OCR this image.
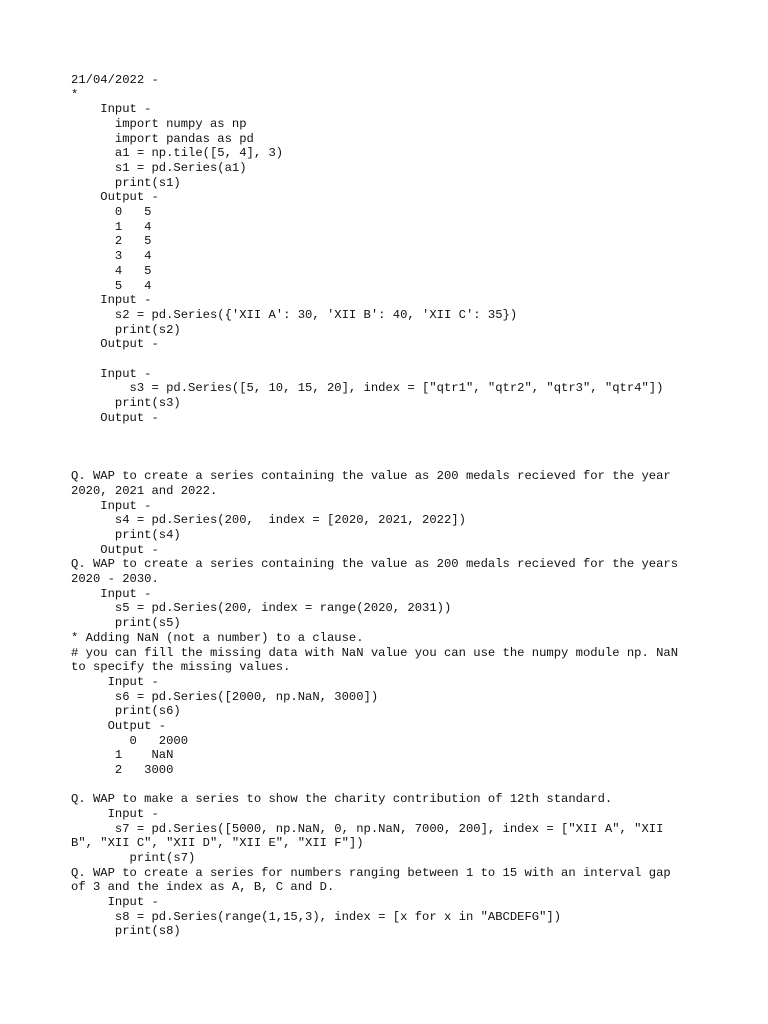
21/04/2022 -
*
Input -
import numpy as np
import pandas as pd
a1 = np.tile([5, 4], 3)
s1 = pd.Series(a1)
print(s1)
Output -
0   5
1   4
2   5
3   4
4   5
5   4
Input -
s2 = pd.Series({'XII A': 30, 'XII B': 40, 'XII C': 35})
print(s2)
Output -
Input -
s3 = pd.Series([5, 10, 15, 20], index = ["qtr1", "qtr2", "qtr3", "qtr4"])
print(s3)
Output -
Q. WAP to create a series containing the value as 200 medals recieved for the year
2020, 2021 and 2022.
Input -
s4 = pd.Series(200,  index = [2020, 2021, 2022])
print(s4)
Output -
Q. WAP to create a series containing the value as 200 medals recieved for the years
2020 - 2030.
Input -
s5 = pd.Series(200, index = range(2020, 2031))
print(s5)
* Adding NaN (not a number) to a clause.
# you can fill the missing data with NaN value you can use the numpy module np. NaN
to specify the missing values.
Input -
s6 = pd.Series([2000, np.NaN, 3000])
print(s6)
Output -
0   2000
1    NaN
2   3000
Q. WAP to make a series to show the charity contribution of 12th standard.
Input -
s7 = pd.Series([5000, np.NaN, 0, np.NaN, 7000, 200], index = ["XII A", "XII
B", "XII C", "XII D", "XII E", "XII F"])
print(s7)
Q. WAP to create a series for numbers ranging between 1 to 15 with an interval gap
of 3 and the index as A, B, C and D.
Input -
s8 = pd.Series(range(1,15,3), index = [x for x in "ABCDEFG"])
print(s8)
